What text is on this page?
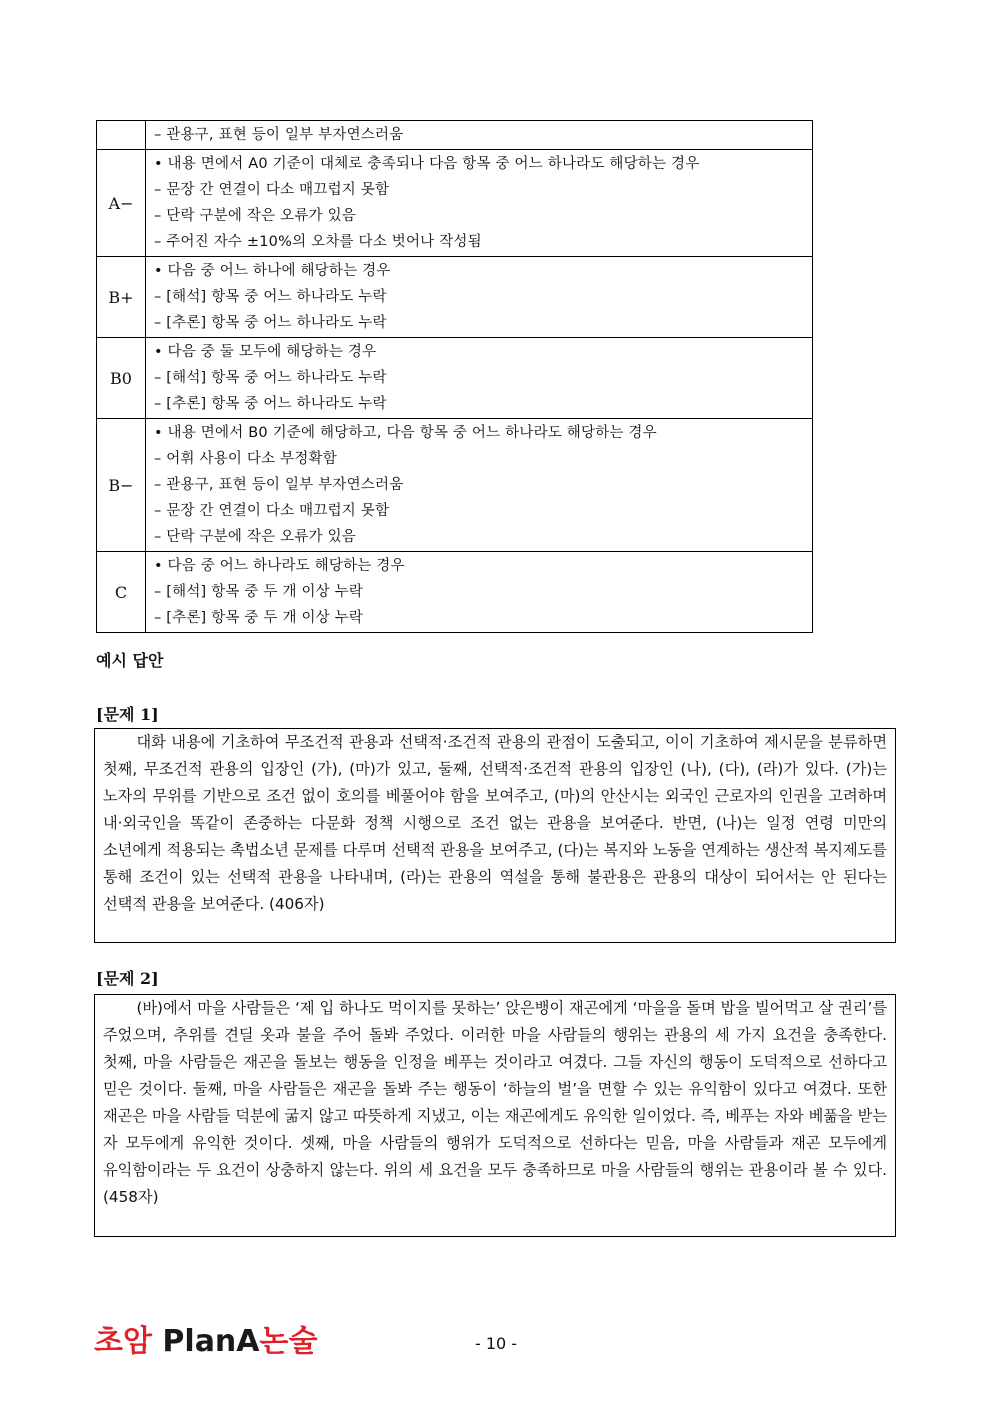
	– 관용구, 표현 등이 일부 부자연스러움

A−	• 내용 면에서 A0 기준이 대체로 충족되나 다음 항목 중 어느 하나라도 해당하는 경우
– 문장 간 연결이 다소 매끄럽지 못함
– 단락 구분에 작은 오류가 있음
– 주어진 자수 ±10%의 오차를 다소 벗어나 작성됨

B+	• 다음 중 어느 하나에 해당하는 경우
– [해석] 항목 중 어느 하나라도 누락
– [추론] 항목 중 어느 하나라도 누락

B0	• 다음 중 둘 모두에 해당하는 경우
– [해석] 항목 중 어느 하나라도 누락
– [추론] 항목 중 어느 하나라도 누락

B−	• 내용 면에서 B0 기준에 해당하고, 다음 항목 중 어느 하나라도 해당하는 경우
– 어휘 사용이 다소 부정확함
– 관용구, 표현 등이 일부 부자연스러움
– 문장 간 연결이 다소 매끄럽지 못함
– 단락 구분에 작은 오류가 있음

C	• 다음 중 어느 하나라도 해당하는 경우
– [해석] 항목 중 두 개 이상 누락
– [추론] 항목 중 두 개 이상 누락
예시 답안
[문제 1]

대화 내용에 기초하여 무조건적 관용과 선택적·조건적 관용의 관점이 도출되고, 이이 기초하여 제시문을 분류하면 첫째, 무조건적 관용의 입장인 (가), (마)가 있고, 둘째, 선택적·조건적 관용의 입장인 (나), (다), (라)가 있다. (가)는 노자의 무위를 기반으로 조건 없이 호의를 베풀어야 함을 보여주고, (마)의 안산시는 외국인 근로자의 인권을 고려하며 내·외국인을 똑같이 존중하는 다문화 정책 시행으로 조건 없는 관용을 보여준다. 반면, (나)는 일정 연령 미만의 소년에게 적용되는 촉법소년 문제를 다루며 선택적 관용을 보여주고, (다)는 복지와 노동을 연계하는 생산적 복지제도를 통해 조건이 있는 선택적 관용을 나타내며, (라)는 관용의 역설을 통해 불관용은 관용의 대상이 되어서는 안 된다는 선택적 관용을 보여준다. (406자)

[문제 2]

(바)에서 마을 사람들은 ‘제 입 하나도 먹이지를 못하는’ 앉은뱅이 재곤에게 ‘마을을 돌며 밥을 빌어먹고 살 권리’를 주었으며, 추위를 견딜 옷과 불을 주어 돌봐 주었다. 이러한 마을 사람들의 행위는 관용의 세 가지 요건을 충족한다. 첫째, 마을 사람들은 재곤을 돌보는 행동을 인정을 베푸는 것이라고 여겼다. 그들 자신의 행동이 도덕적으로 선하다고 믿은 것이다. 둘째, 마을 사람들은 재곤을 돌봐 주는 행동이 ‘하늘의 벌’을 면할 수 있는 유익함이 있다고 여겼다. 또한 재곤은 마을 사람들 덕분에 굶지 않고 따뜻하게 지냈고, 이는 재곤에게도 유익한 일이었다. 즉, 베푸는 자와 베풂을 받는 자 모두에게 유익한 것이다. 셋째, 마을 사람들의 행위가 도덕적으로 선하다는 믿음, 마을 사람들과 재곤 모두에게 유익함이라는 두 요건이 상충하지 않는다. 위의 세 요건을 모두 충족하므로 마을 사람들의 행위는 관용이라 볼 수 있다. (458자)

초암 PlanA논술	- 10 -
